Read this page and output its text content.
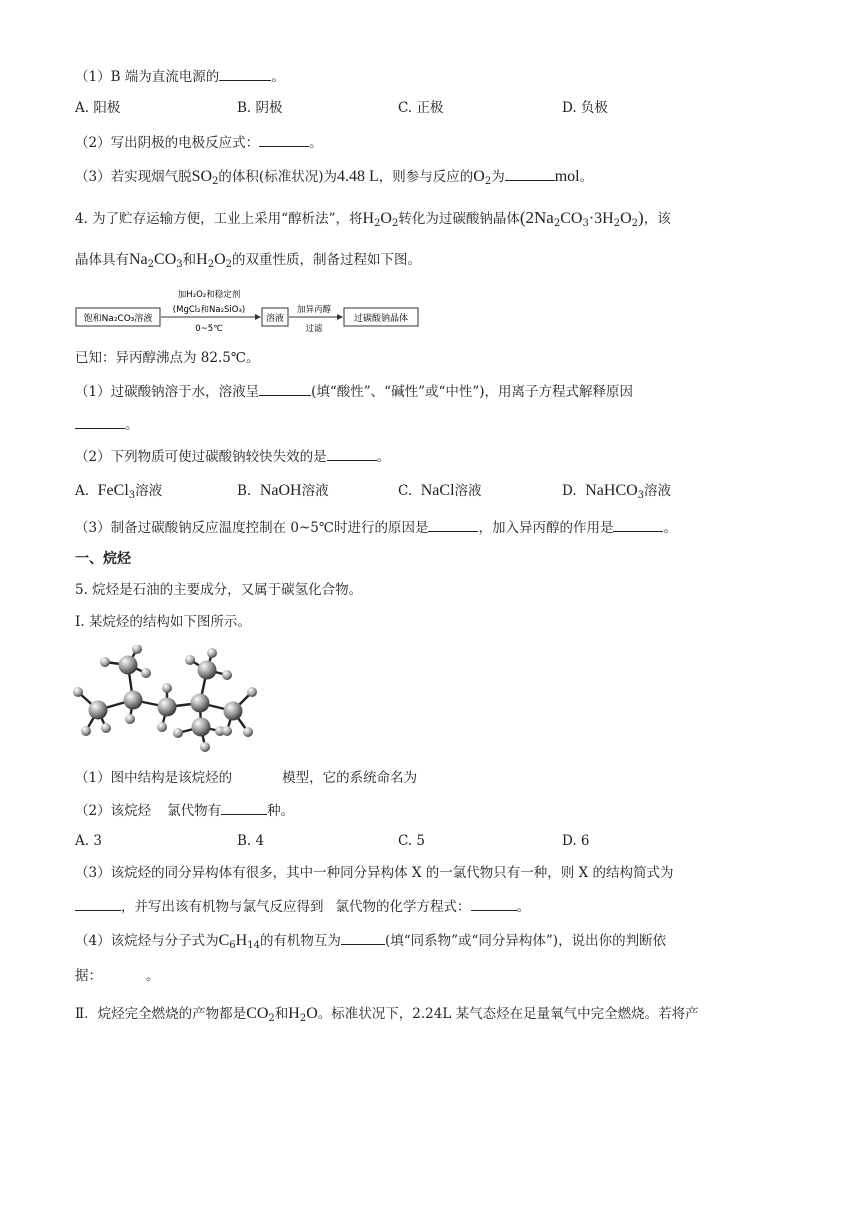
（1）B 端为直流电源的	。
A. 阳极	B. 阴极	C. 正极	D. 负极
（2）写出阴极的电极反应式：	。
（3）若实现烟气脱$SO_2$的体积(标准状况)为4.48 L，则参与反应的$O_2$为	mol。
4. 为了贮存运输方便，工业上采用“醇析法”，将$H_2O_2$转化为过碳酸钠晶体$(2Na_2CO_3\cdot 3H_2O_2)$，该
晶体具有$Na_2CO_3$和$H_2O_2$的双重性质，制备过程如下图。
饱和Na₂CO₃溶液
加H₂O₂和稳定剂
(MgCl₂和Na₂SiO₃)
0~5℃
溶液
加异丙醇
过滤
过碳酸钠晶体
已知：异丙醇沸点为 82.5℃。
（1）过碳酸钠溶于水，溶液呈	(填“酸性”、“碱性”或“中性”)，用离子方程式解释原因
。
（2）下列物质可使过碳酸钠较快失效的是	。
A. FeCl$_3$溶液	B. NaOH溶液	C. NaCl溶液	D. NaHCO$_3$溶液
（3）制备过碳酸钠反应温度控制在 0~5℃时进行的原因是	，加入异丙醇的作用是	。
一、烷烃
5. 烷烃是石油的主要成分，又属于碳氢化合物。
I. 某烷烃的结构如下图所示。
（1）图中结构是该烷烃的	模型，它的系统命名为
（2）该烷烃 氯代物有	种。
A. 3	B. 4	C. 5	D. 6
（3）该烷烃的同分异构体有很多，其中一种同分异构体 X 的一氯代物只有一种，则 X 的结构简式为
，并写出该有机物与氯气反应得到 氯代物的化学方程式：	。
（4）该烷烃与分子式为$C_6H_{14}$的有机物互为	(填“同系物”或“同分异构体”)，说出你的判断依
据：	。
Ⅱ．烷烃完全燃烧的产物都是$CO_2$和$H_2O$。标准状况下，2.24L 某气态烃在足量氧气中完全燃烧。若将产
